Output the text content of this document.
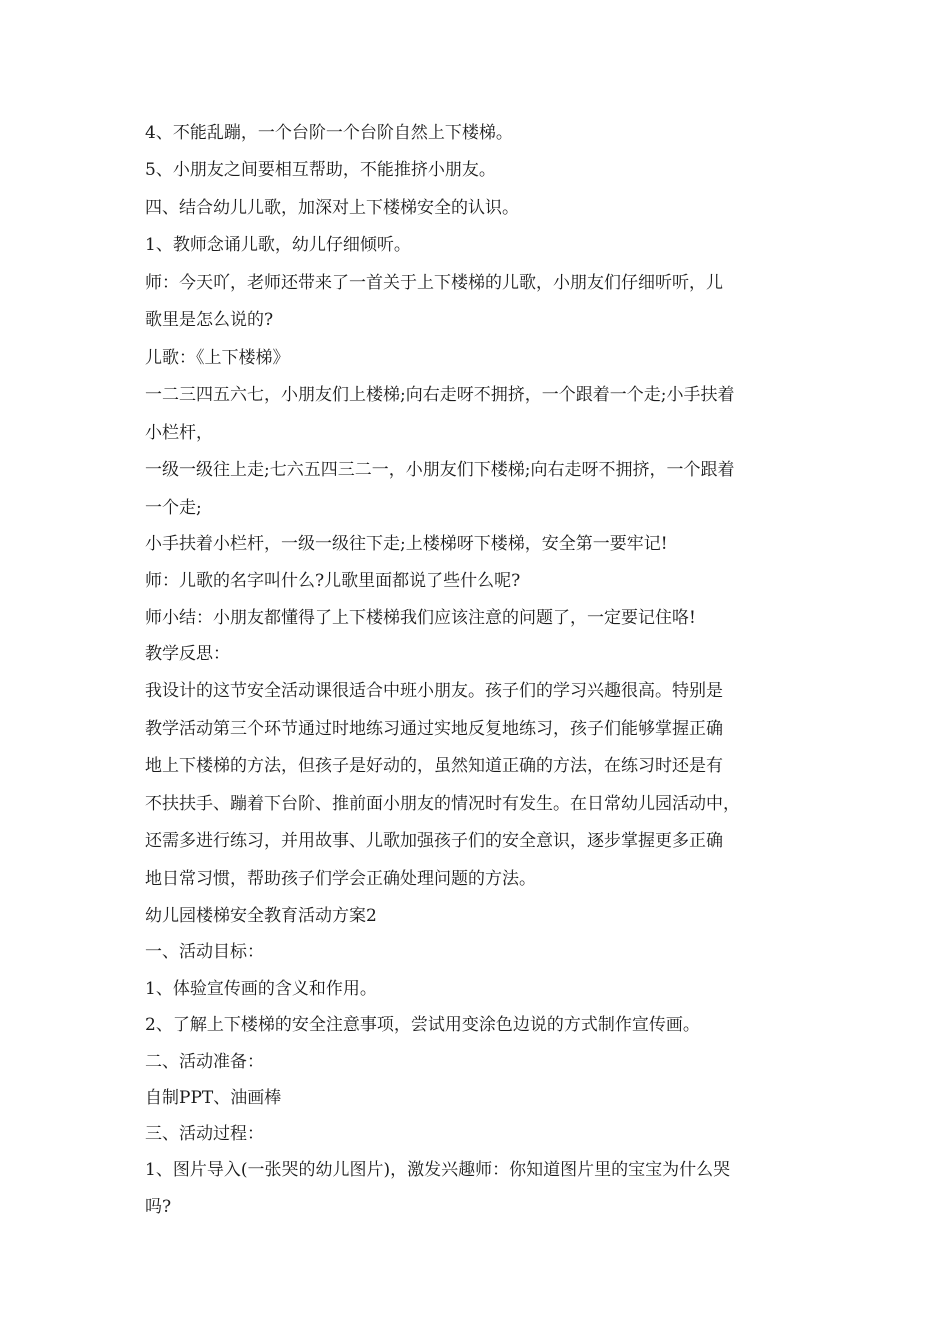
4、不能乱蹦，一个台阶一个台阶自然上下楼梯。
5、小朋友之间要相互帮助，不能推挤小朋友。
四、结合幼儿儿歌，加深对上下楼梯安全的认识。
1、教师念诵儿歌，幼儿仔细倾听。
师：今天吖，老师还带来了一首关于上下楼梯的儿歌，小朋友们仔细听听，儿
歌里是怎么说的?
儿歌：《上下楼梯》
一二三四五六七，小朋友们上楼梯;向右走呀不拥挤，一个跟着一个走;小手扶着
小栏杆，
一级一级往上走;七六五四三二一，小朋友们下楼梯;向右走呀不拥挤，一个跟着
一个走;
小手扶着小栏杆，一级一级往下走;上楼梯呀下楼梯，安全第一要牢记!
师：儿歌的名字叫什么?儿歌里面都说了些什么呢?
师小结：小朋友都懂得了上下楼梯我们应该注意的问题了，一定要记住咯!
教学反思：
我设计的这节安全活动课很适合中班小朋友。孩子们的学习兴趣很高。特别是
教学活动第三个环节通过时地练习通过实地反复地练习，孩子们能够掌握正确
地上下楼梯的方法，但孩子是好动的，虽然知道正确的方法，在练习时还是有
不扶扶手、蹦着下台阶、推前面小朋友的情况时有发生。在日常幼儿园活动中，
还需多进行练习，并用故事、儿歌加强孩子们的安全意识，逐步掌握更多正确
地日常习惯，帮助孩子们学会正确处理问题的方法。
幼儿园楼梯安全教育活动方案2
一、活动目标：
1、体验宣传画的含义和作用。
2、了解上下楼梯的安全注意事项，尝试用变涂色边说的方式制作宣传画。
二、活动准备：
自制PPT、油画棒
三、活动过程：
1、图片导入(一张哭的幼儿图片)，激发兴趣师：你知道图片里的宝宝为什么哭
吗?
